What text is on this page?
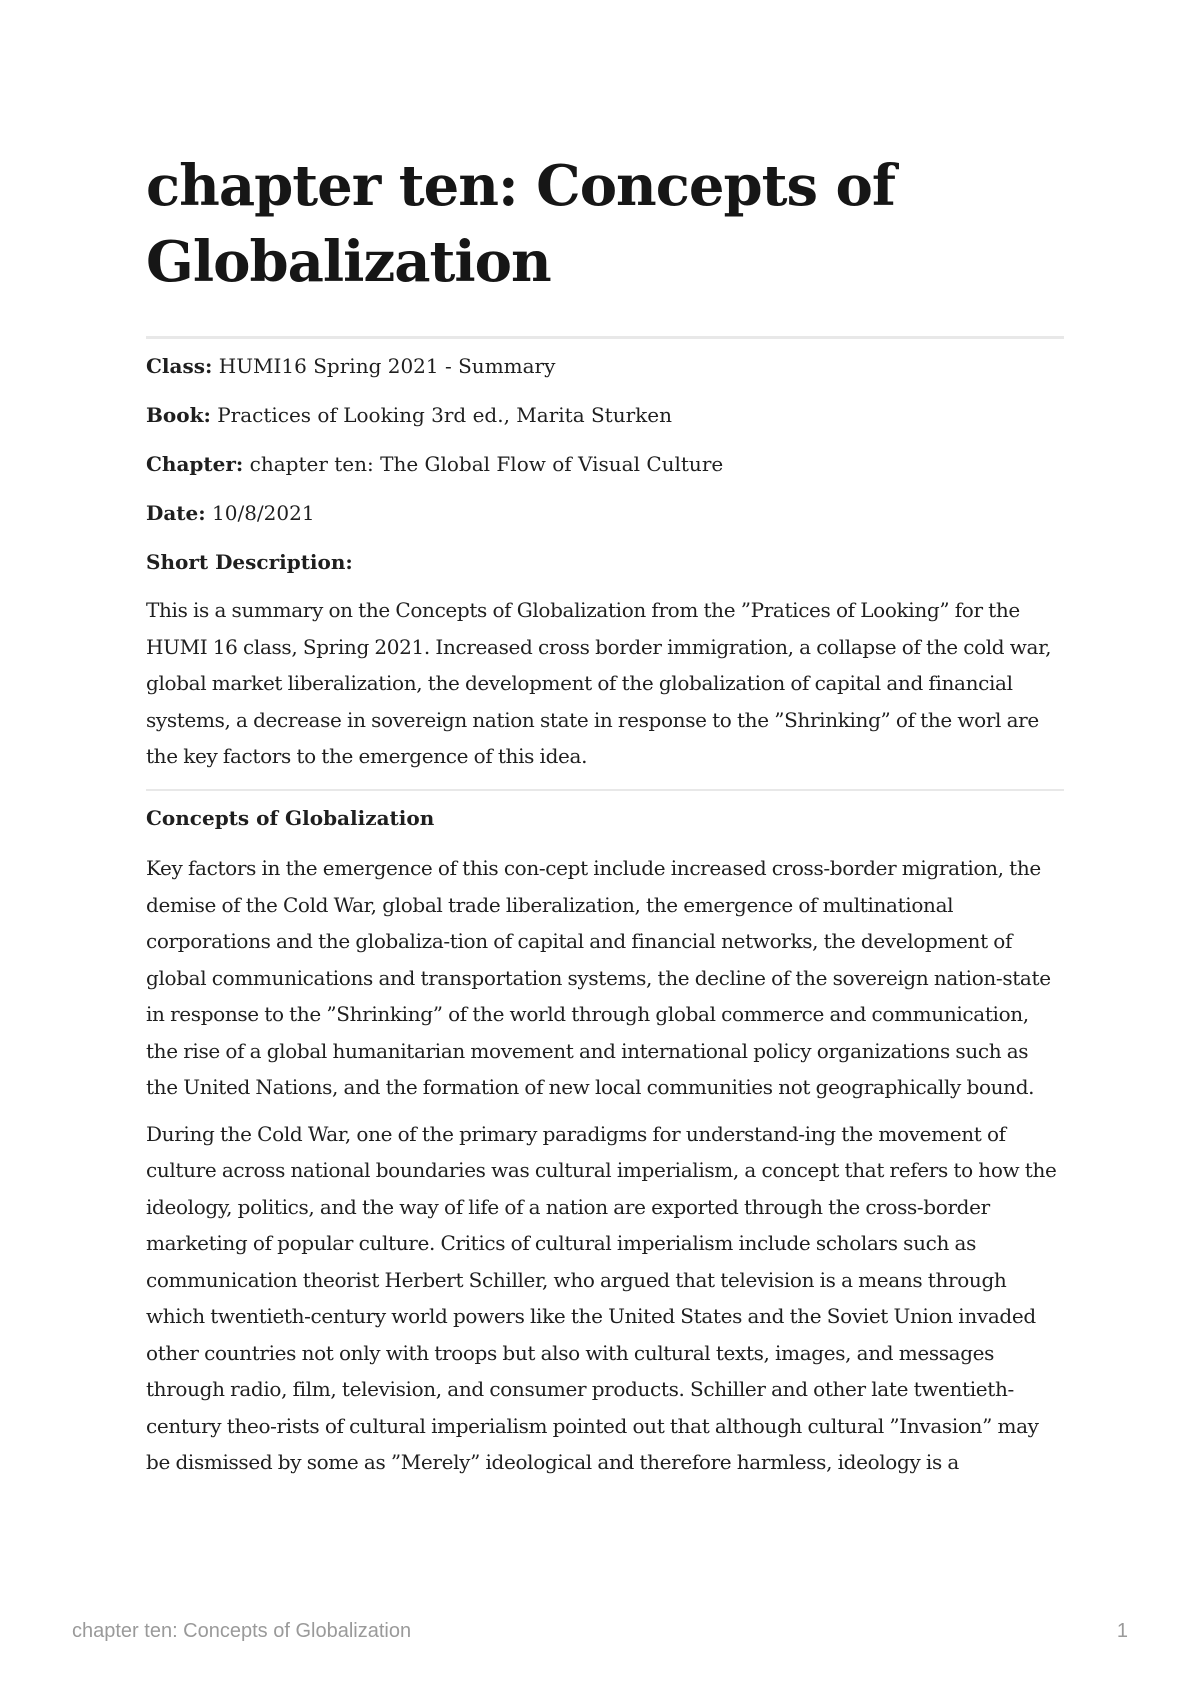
chapter ten: Concepts of Globalization

Class: HUMI16 Spring 2021 - Summary

Book: Practices of Looking 3rd ed., Marita Sturken

Chapter: chapter ten: The Global Flow of Visual Culture

Date: 10/8/2021

Short Description:

This is a summary on the Concepts of Globalization from the ”Pratices of Looking” for the HUMI 16 class, Spring 2021. Increased cross border immigration, a collapse of the cold war, global market liberalization, the development of the globalization of capital and financial systems, a decrease in sovereign nation state in response to the ”Shrinking” of the worl are the key factors to the emergence of this idea.

Concepts of Globalization

Key factors in the emergence of this con-cept include increased cross-border migration, the demise of the Cold War, global trade liberalization, the emergence of multinational corporations and the globaliza-tion of capital and financial networks, the development of global communications and transportation systems, the decline of the sovereign nation-state in response to the ”Shrinking” of the world through global commerce and communication, the rise of a global humanitarian movement and international policy organizations such as the United Nations, and the formation of new local communities not geographically bound.

During the Cold War, one of the primary paradigms for understand-ing the movement of culture across national boundaries was cultural imperialism, a concept that refers to how the ideology, politics, and the way of life of a nation are exported through the cross-border marketing of popular culture. Critics of cultural imperialism include scholars such as communication theorist Herbert Schiller, who argued that television is a means through which twentieth-century world powers like the United States and the Soviet Union invaded other countries not only with troops but also with cultural texts, images, and messages through radio, film, television, and consumer products. Schiller and other late twentieth-century theo-rists of cultural imperialism pointed out that although cultural ”Invasion” may be dismissed by some as ”Merely” ideological and therefore harmless, ideology is a

chapter ten: Concepts of Globalization	1
